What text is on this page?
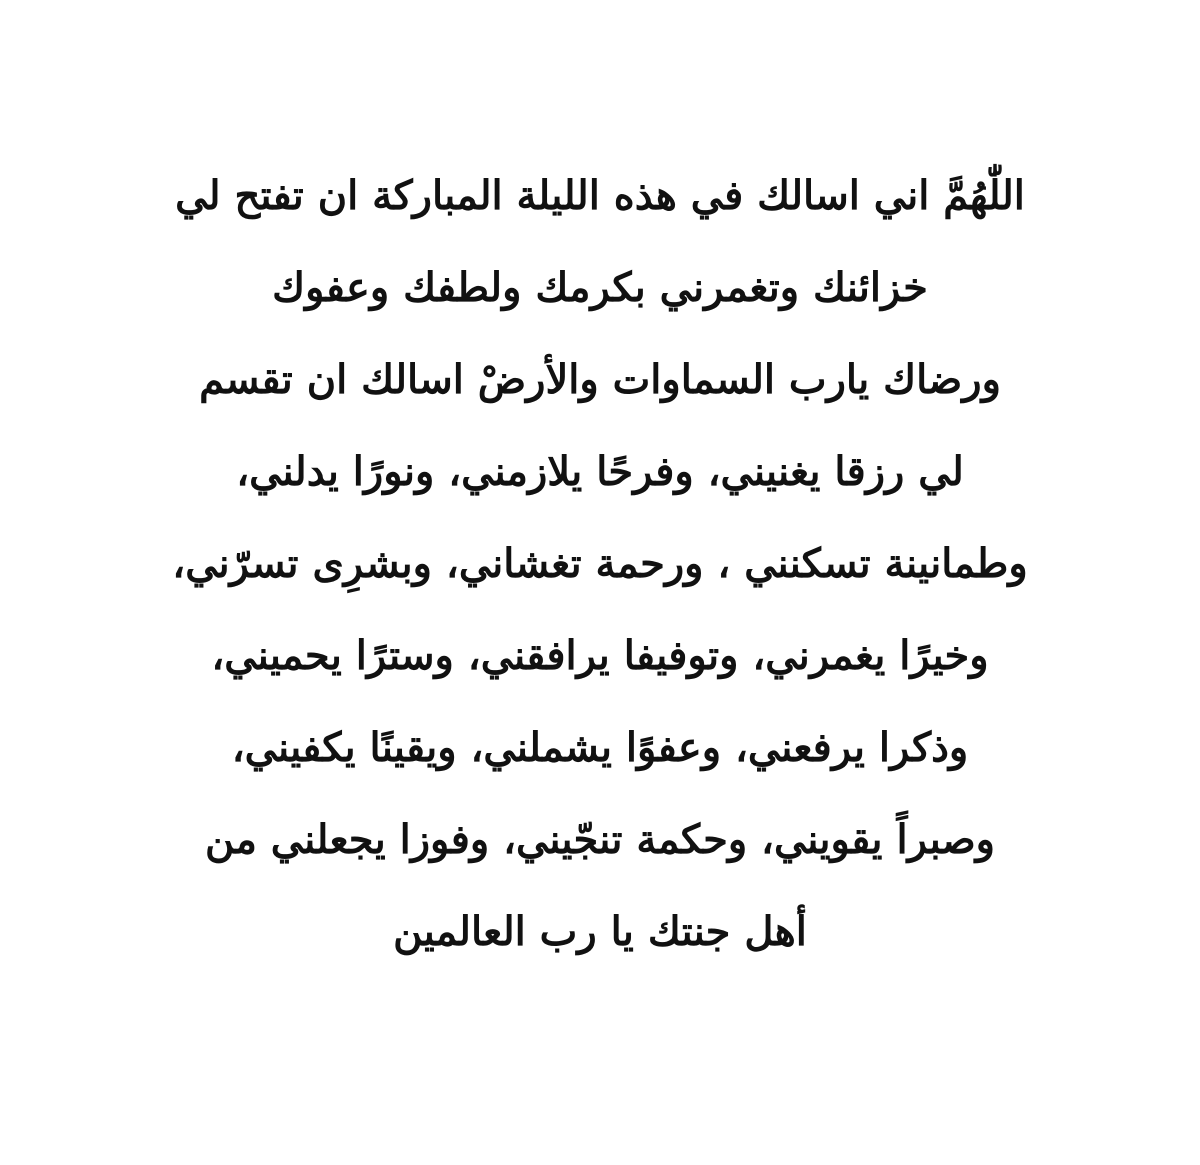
اللّٰهُمَّ اني اسالك في هذه الليلة المباركة ان تفتح لي
خزائنك وتغمرني بكرمك ولطفك وعفوك
ورضاك يارب السماوات والأرضْ اسالك ان تقسم
لي رزقا يغنيني، وفرحًا يلازمني، ونورًا يدلني،
وطمانينة تسكنني ، ورحمة تغشاني، وبشرِى تسرّني،
وخيرًا يغمرني، وتوفيفا يرافقني، وسترًا يحميني،
وذكرا يرفعني، وعفوًا يشملني، ويقينًا يكفيني،
وصبراً يقويني، وحكمة تنجّيني، وفوزا يجعلني من
أهل جنتك يا رب العالمين
